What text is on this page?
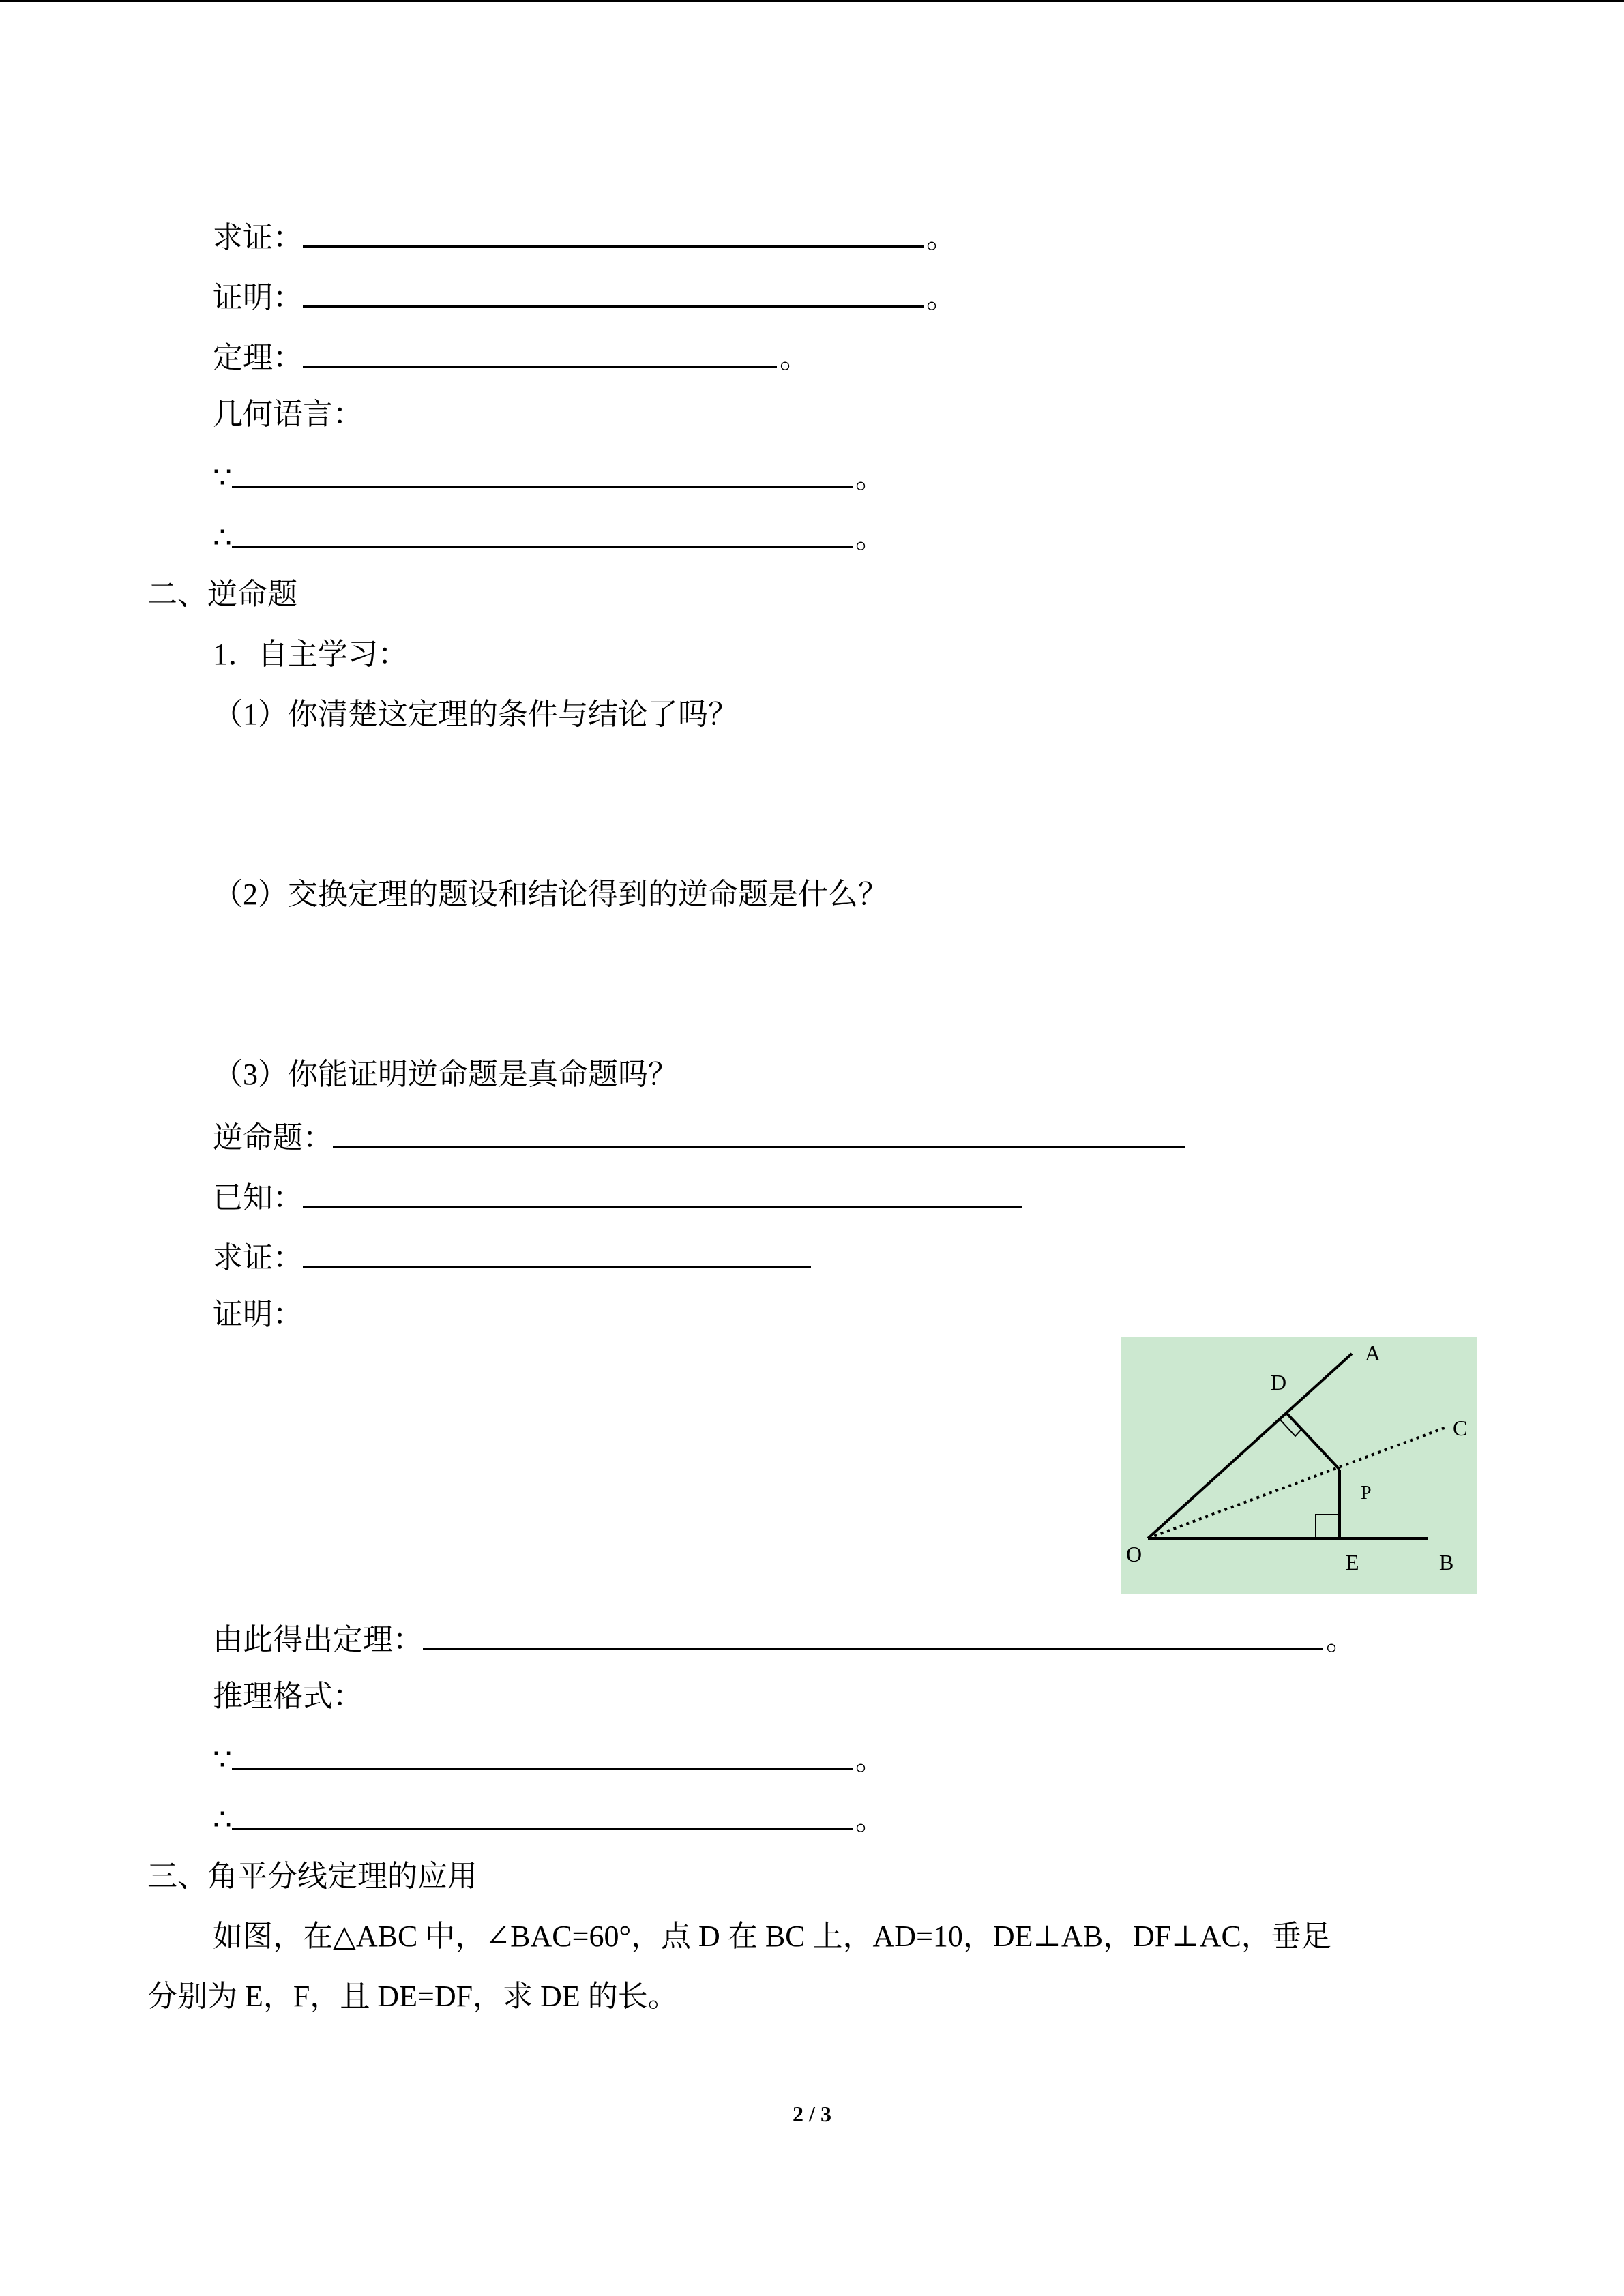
求证：	。
证明：	。
定理：	。
几何语言：
∵	。
∴	。
二、逆命题
1．自主学习：
（1）你清楚这定理的条件与结论了吗？
（2）交换定理的题设和结论得到的逆命题是什么？
（3）你能证明逆命题是真命题吗？
逆命题：
已知：
求证：
证明：
A
D
C
P
O	E	B
由此得出定理：	。
推理格式：
∵	。
∴	。
三、角平分线定理的应用
如图，在△ABC 中，∠BAC=60°，点 D 在 BC 上，AD=10，DE⊥AB，DF⊥AC，垂足
分别为 E，F，且 DE=DF，求 DE 的长。
2 / 3
